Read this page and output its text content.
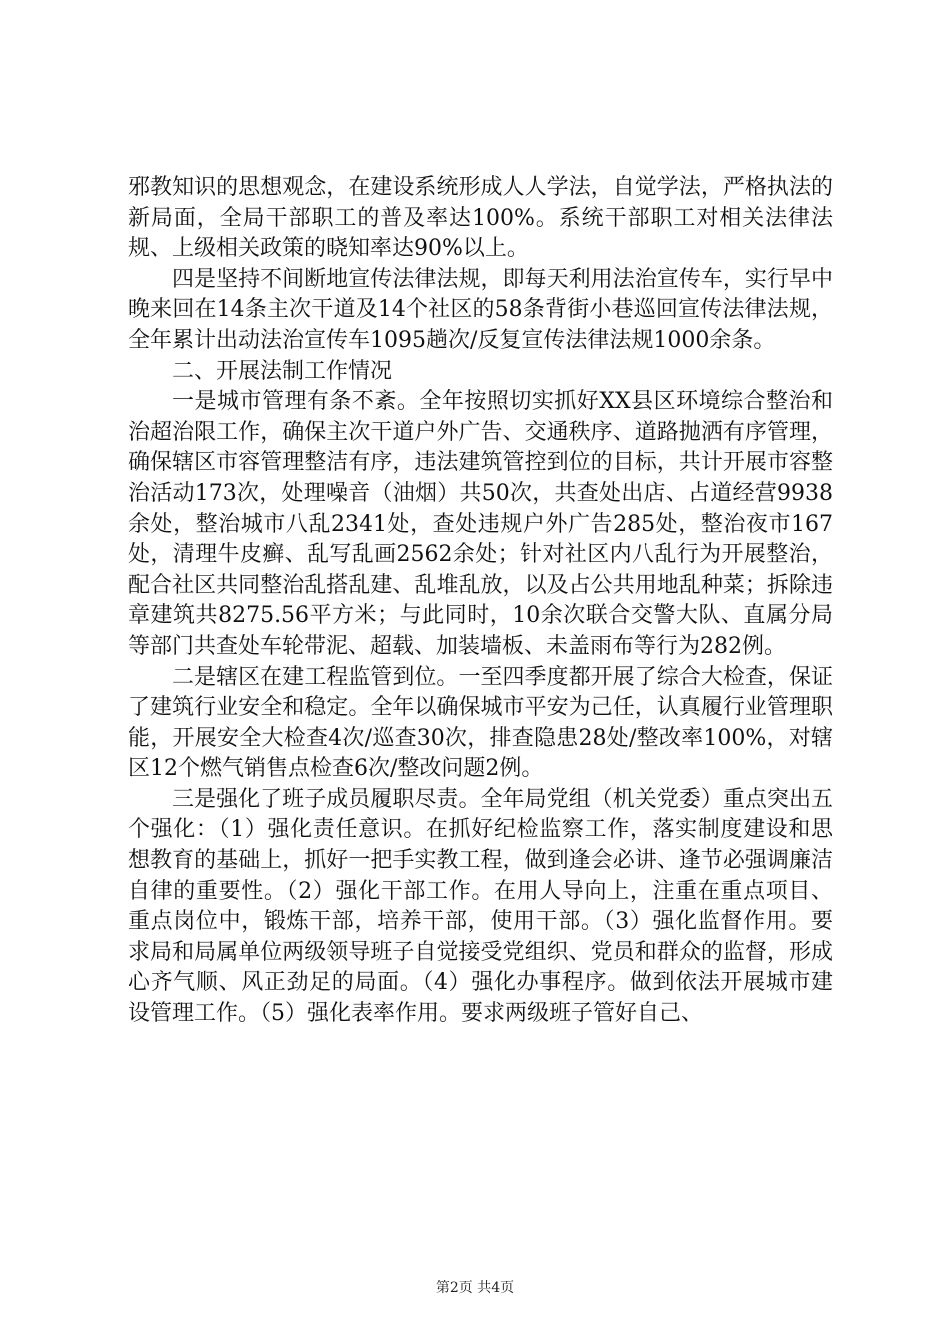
邪教知识的思想观念，在建设系统形成人人学法，自觉学法，严格执法的新局面，全局干部职工的普及率达100%。系统干部职工对相关法律法规、上级相关政策的晓知率达90%以上。

四是坚持不间断地宣传法律法规，即每天利用法治宣传车，实行早中晚来回在14条主次干道及14个社区的58条背街小巷巡回宣传法律法规，全年累计出动法治宣传车1095趟次/反复宣传法律法规1000余条。

二、开展法制工作情况

一是城市管理有条不紊。全年按照切实抓好XX县区环境综合整治和治超治限工作，确保主次干道户外广告、交通秩序、道路抛洒有序管理，确保辖区市容管理整洁有序，违法建筑管控到位的目标，共计开展市容整治活动173次，处理噪音（油烟）共50次，共查处出店、占道经营9938余处，整治城市八乱2341处，查处违规户外广告285处，整治夜市167处，清理牛皮癣、乱写乱画2562余处；针对社区内八乱行为开展整治，配合社区共同整治乱搭乱建、乱堆乱放，以及占公共用地乱种菜；拆除违章建筑共8275.56平方米；与此同时，10余次联合交警大队、直属分局等部门共查处车轮带泥、超载、加装墙板、未盖雨布等行为282例。

二是辖区在建工程监管到位。一至四季度都开展了综合大检查，保证了建筑行业安全和稳定。全年以确保城市平安为己任，认真履行业管理职能，开展安全大检查4次/巡查30次，排查隐患28处/整改率100%，对辖区12个燃气销售点检查6次/整改问题2例。

三是强化了班子成员履职尽责。全年局党组（机关党委）重点突出五个强化：（1）强化责任意识。在抓好纪检监察工作，落实制度建设和思想教育的基础上，抓好一把手实教工程，做到逢会必讲、逢节必强调廉洁自律的重要性。（2）强化干部工作。在用人导向上，注重在重点项目、重点岗位中，锻炼干部，培养干部，使用干部。（3）强化监督作用。要求局和局属单位两级领导班子自觉接受党组织、党员和群众的监督，形成心齐气顺、风正劲足的局面。（4）强化办事程序。做到依法开展城市建设管理工作。（5）强化表率作用。要求两级班子管好自己、

第2页 共4页
